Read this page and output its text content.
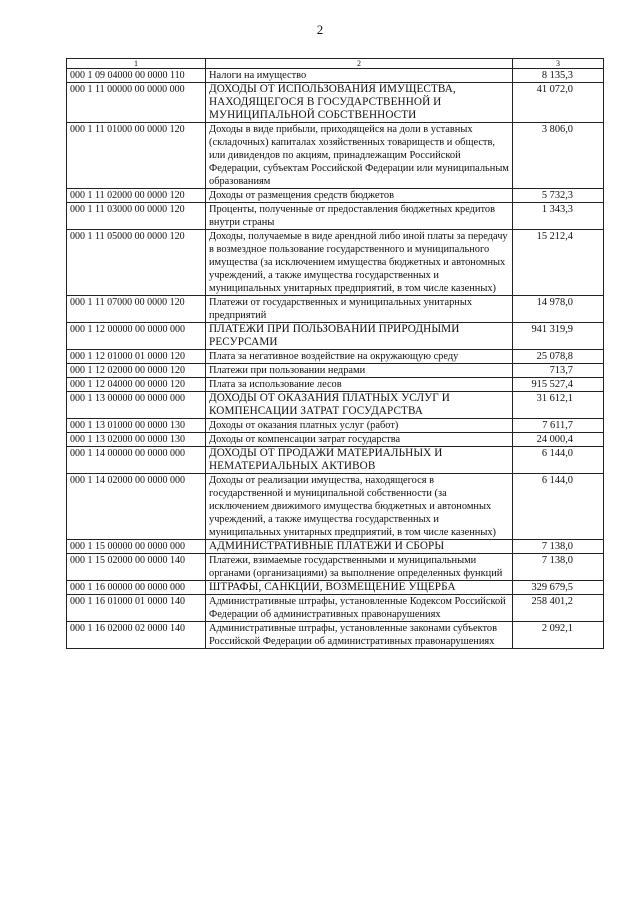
2
1	2	3
000 1 09 04000 00 0000 110	Налоги на имущество	8 135,3
000 1 11 00000 00 0000 000	ДОХОДЫ ОТ ИСПОЛЬЗОВАНИЯ ИМУЩЕСТВА, НАХОДЯЩЕГОСЯ В ГОСУДАРСТВЕННОЙ И МУНИЦИПАЛЬНОЙ СОБСТВЕННОСТИ	41 072,0
000 1 11 01000 00 0000 120	Доходы в виде прибыли, приходящейся на доли в уставных (складочных) капиталах хозяйственных товариществ и обществ, или дивидендов по акциям, принадлежащим Российской Федерации, субъектам Российской Федерации или муниципальным образованиям	3 806,0
000 1 11 02000 00 0000 120	Доходы от размещения средств бюджетов	5 732,3
000 1 11 03000 00 0000 120	Проценты, полученные от предоставления бюджетных кредитов внутри страны	1 343,3
000 1 11 05000 00 0000 120	Доходы, получаемые в виде арендной либо иной платы за передачу в возмездное пользование государственного и муниципального имущества (за исключением имущества бюджетных и автономных учреждений, а также имущества государственных и муниципальных унитарных предприятий, в том числе казенных)	15 212,4
000 1 11 07000 00 0000 120	Платежи от государственных и муниципальных унитарных предприятий	14 978,0
000 1 12 00000 00 0000 000	ПЛАТЕЖИ ПРИ ПОЛЬЗОВАНИИ ПРИРОДНЫМИ РЕСУРСАМИ	941 319,9
000 1 12 01000 01 0000 120	Плата за негативное воздействие на окружающую среду	25 078,8
000 1 12 02000 00 0000 120	Платежи при пользовании недрами	713,7
000 1 12 04000 00 0000 120	Плата за использование лесов	915 527,4
000 1 13 00000 00 0000 000	ДОХОДЫ ОТ ОКАЗАНИЯ ПЛАТНЫХ УСЛУГ И КОМПЕНСАЦИИ ЗАТРАТ ГОСУДАРСТВА	31 612,1
000 1 13 01000 00 0000 130	Доходы от оказания платных услуг (работ)	7 611,7
000 1 13 02000 00 0000 130	Доходы от компенсации затрат государства	24 000,4
000 1 14 00000 00 0000 000	ДОХОДЫ ОТ ПРОДАЖИ МАТЕРИАЛЬНЫХ И НЕМАТЕРИАЛЬНЫХ АКТИВОВ	6 144,0
000 1 14 02000 00 0000 000	Доходы от реализации имущества, находящегося в государственной и муниципальной собственности (за исключением движимого имущества бюджетных и автономных учреждений, а также имущества государственных и муниципальных унитарных предприятий, в том числе казенных)	6 144,0
000 1 15 00000 00 0000 000	АДМИНИСТРАТИВНЫЕ ПЛАТЕЖИ И СБОРЫ	7 138,0
000 1 15 02000 00 0000 140	Платежи, взимаемые государственными и муниципальными органами (организациями) за выполнение определенных функций	7 138,0
000 1 16 00000 00 0000 000	ШТРАФЫ, САНКЦИИ, ВОЗМЕЩЕНИЕ УЩЕРБА	329 679,5
000 1 16 01000 01 0000 140	Административные штрафы, установленные Кодексом Российской Федерации об административных правонарушениях	258 401,2
000 1 16 02000 02 0000 140	Административные штрафы, установленные законами субъектов Российской Федерации об административных правонарушениях	2 092,1
